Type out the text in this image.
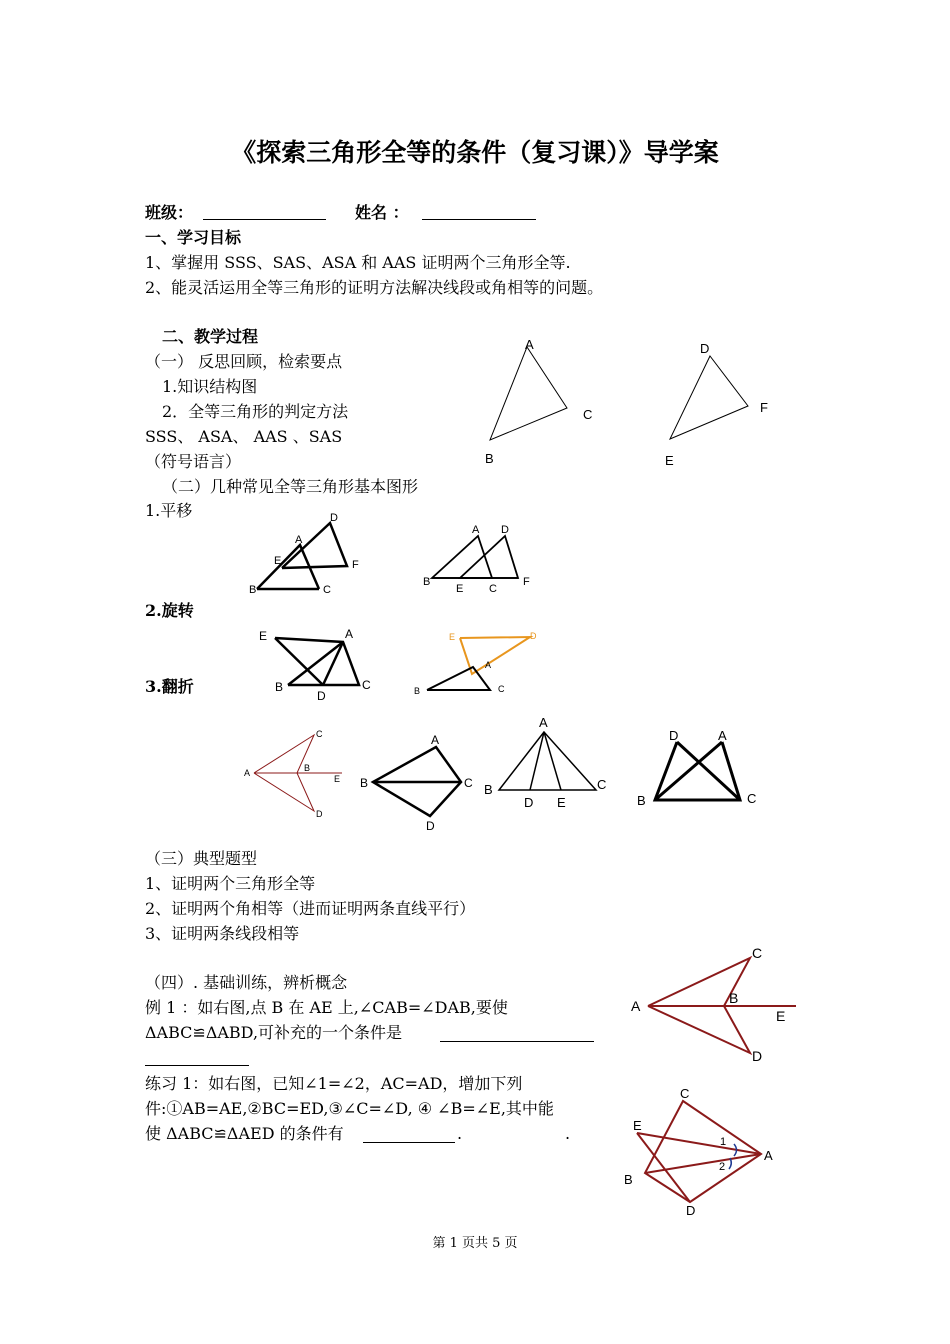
《探索三角形全等的条件（复习课）》导学案
班级：	姓名 ：
一、学习目标
1、掌握用 SSS、SAS、ASA 和 AAS 证明两个三角形全等.
2、能灵活运用全等三角形的证明方法解决线段或角相等的问题。
二、教学过程
（一） 反思回顾，检索要点
1.知识结构图
2．全等三角形的判定方法
SSS、 ASA、 AAS 、SAS
（符号语言）
（二）几种常见全等三角形基本图形
1.平移
2.旋转
3.翻折
（三）典型题型
1、证明两个三角形全等
2、证明两个角相等（进而证明两条直线平行）
3、证明两条线段相等
（四）. 基础训练，辨析概念
例 1 ：如右图,点 B 在 AE 上,∠CAB=∠DAB,要使
ΔABC≌ΔABD,可补充的一个条件是
练习 1：如右图，已知∠1=∠2，AC=AD，增加下列
件:①AB=AE,②BC=ED,③∠C=∠D, ④ ∠B=∠E,其中能
使 ΔABC≌ΔAED 的条件有	.	.
第 1 页共 5 页
A
C
B
D
F
E
D
A
E	F
B	C
A D
B
E C
F
E	A
B
D
C
E	D
A
B	C
C
A	B
E
D
A
B	C
D
A
B	C
D E
D	A
B	C
C
A	B
E
D
C
E
A
B
D
1
2
